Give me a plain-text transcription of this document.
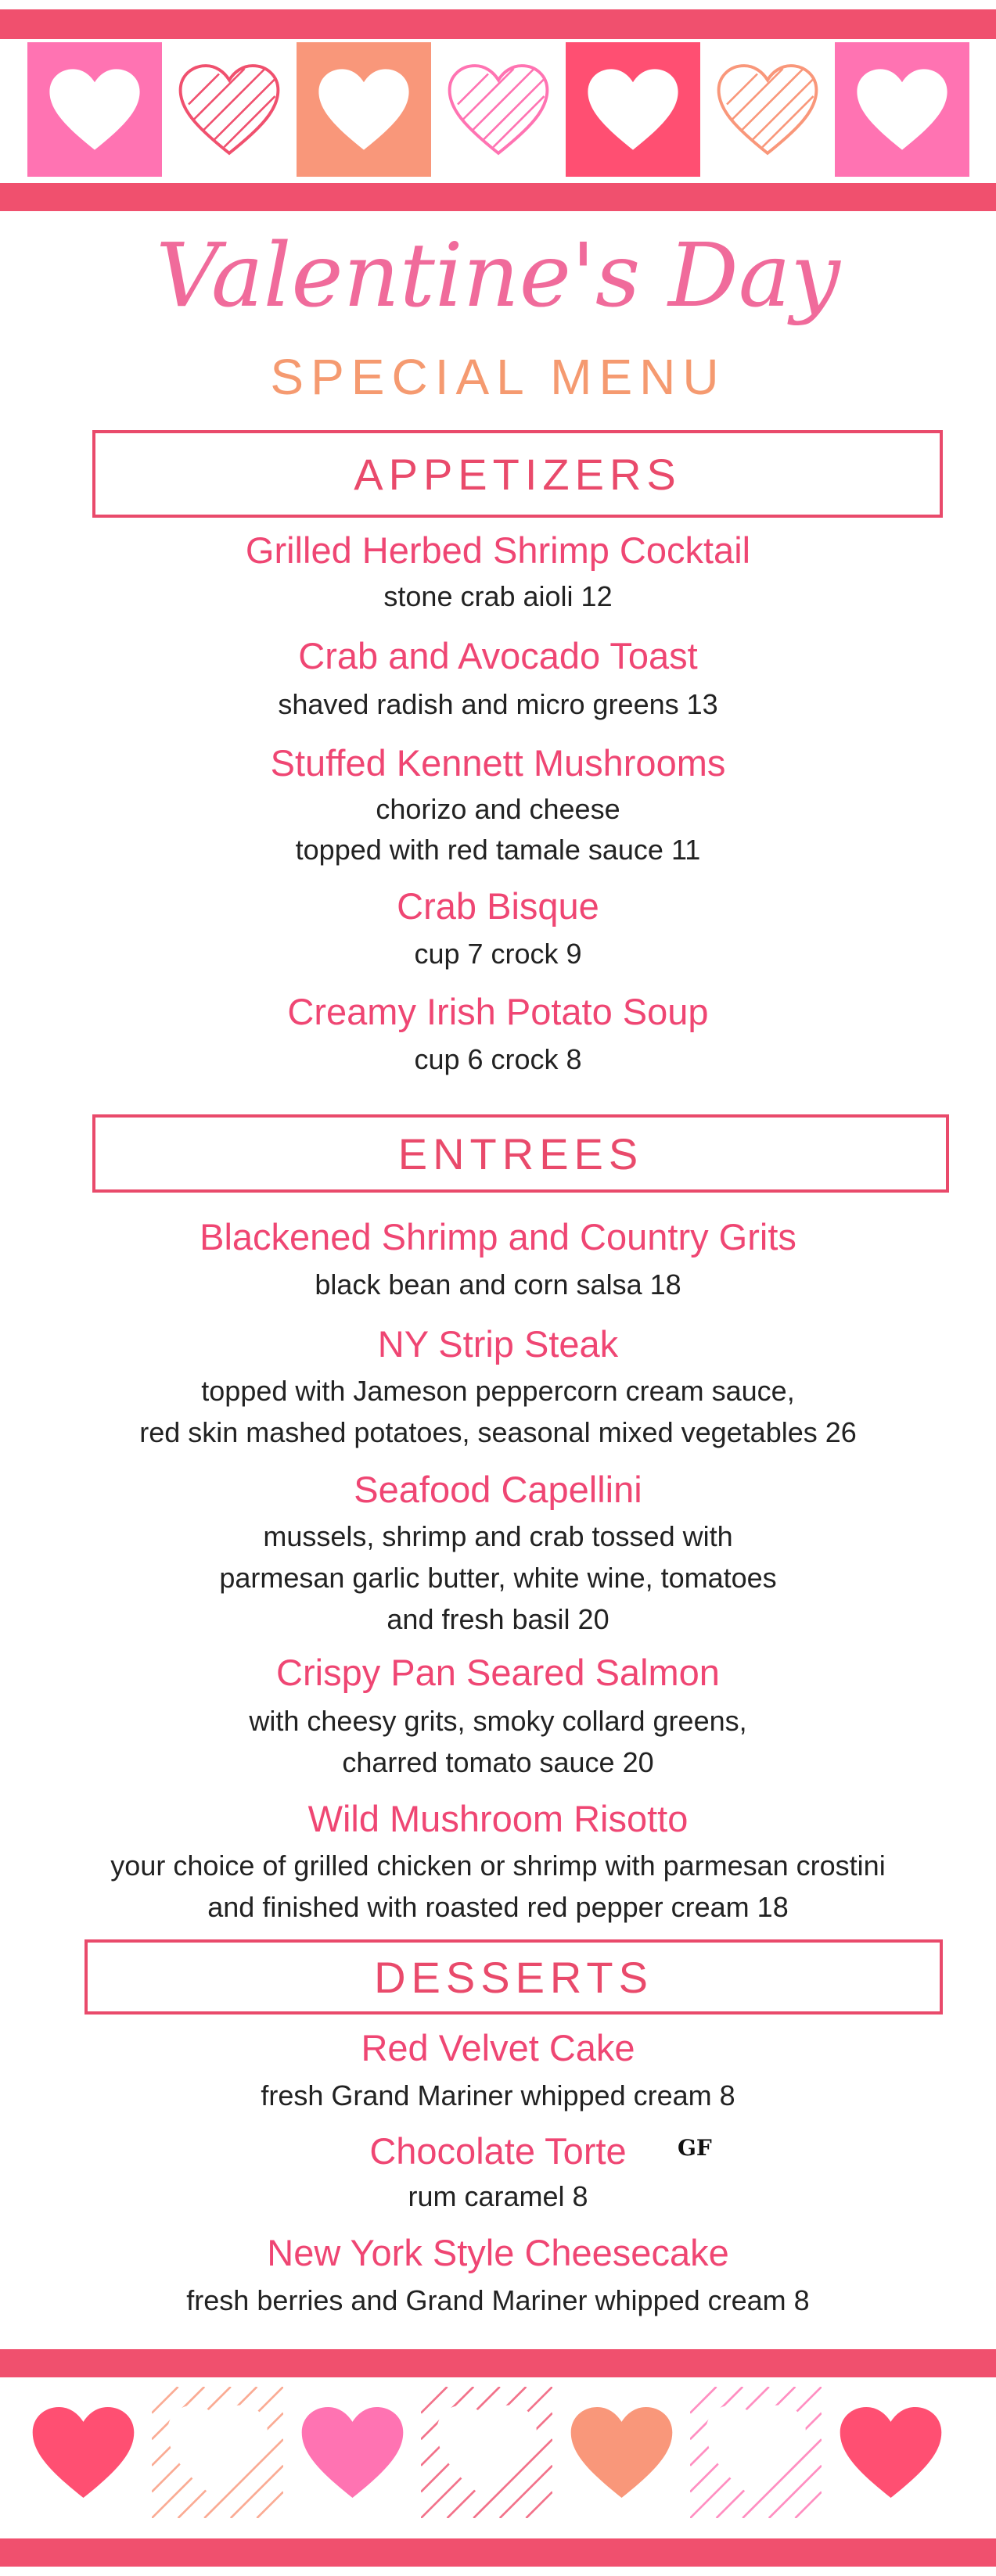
Valentine's Day
SPECIAL MENU
APPETIZERS
Grilled Herbed Shrimp Cocktail
stone crab aioli 12
Crab and Avocado Toast
shaved radish and micro greens 13
Stuffed Kennett Mushrooms
chorizo and cheese
topped with red tamale sauce 11
Crab Bisque
cup 7 crock 9
Creamy Irish Potato Soup
cup 6 crock 8
ENTREES
Blackened Shrimp and Country Grits
black bean and corn salsa 18
NY Strip Steak
topped with Jameson peppercorn cream sauce,
red skin mashed potatoes, seasonal mixed vegetables 26
Seafood Capellini
mussels, shrimp and crab tossed with
parmesan garlic butter, white wine, tomatoes
and fresh basil 20
Crispy Pan Seared Salmon
with cheesy grits, smoky collard greens,
charred tomato sauce 20
Wild Mushroom Risotto
your choice of grilled chicken or shrimp with parmesan crostini
and finished with roasted red pepper cream 18
DESSERTS
Red Velvet Cake
fresh Grand Mariner whipped cream 8
Chocolate Torte	GF
rum caramel 8
New York Style Cheesecake
fresh berries and Grand Mariner whipped cream 8
